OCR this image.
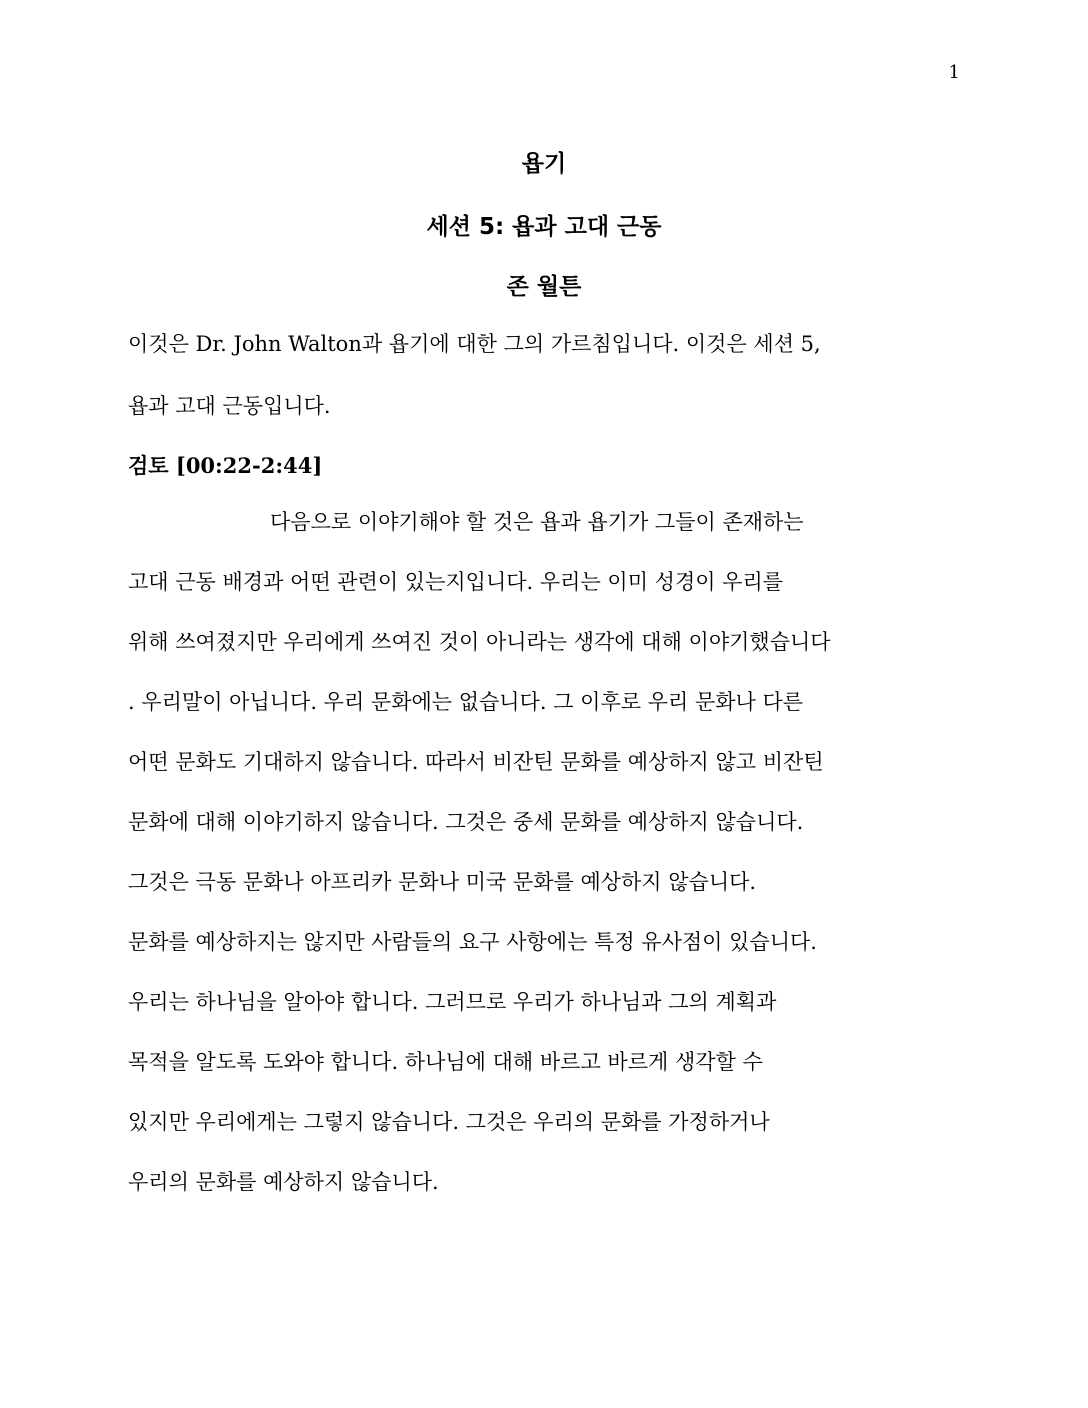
1
욥기
세션 5: 욥과 고대 근동
존 월튼
이것은 Dr. John Walton과 욥기에 대한 그의 가르침입니다. 이것은 세션 5,
욥과 고대 근동입니다.
검토 [00:22-2:44]
다음으로 이야기해야 할 것은 욥과 욥기가 그들이 존재하는
고대 근동 배경과 어떤 관련이 있는지입니다. 우리는 이미 성경이 우리를
위해 쓰여졌지만 우리에게 쓰여진 것이 아니라는 생각에 대해 이야기했습니다
. 우리말이 아닙니다. 우리 문화에는 없습니다. 그 이후로 우리 문화나 다른
어떤 문화도 기대하지 않습니다. 따라서 비잔틴 문화를 예상하지 않고 비잔틴
문화에 대해 이야기하지 않습니다. 그것은 중세 문화를 예상하지 않습니다.
그것은 극동 문화나 아프리카 문화나 미국 문화를 예상하지 않습니다.
문화를 예상하지는 않지만 사람들의 요구 사항에는 특정 유사점이 있습니다.
우리는 하나님을 알아야 합니다. 그러므로 우리가 하나님과 그의 계획과
목적을 알도록 도와야 합니다. 하나님에 대해 바르고 바르게 생각할 수
있지만 우리에게는 그렇지 않습니다. 그것은 우리의 문화를 가정하거나
우리의 문화를 예상하지 않습니다.
